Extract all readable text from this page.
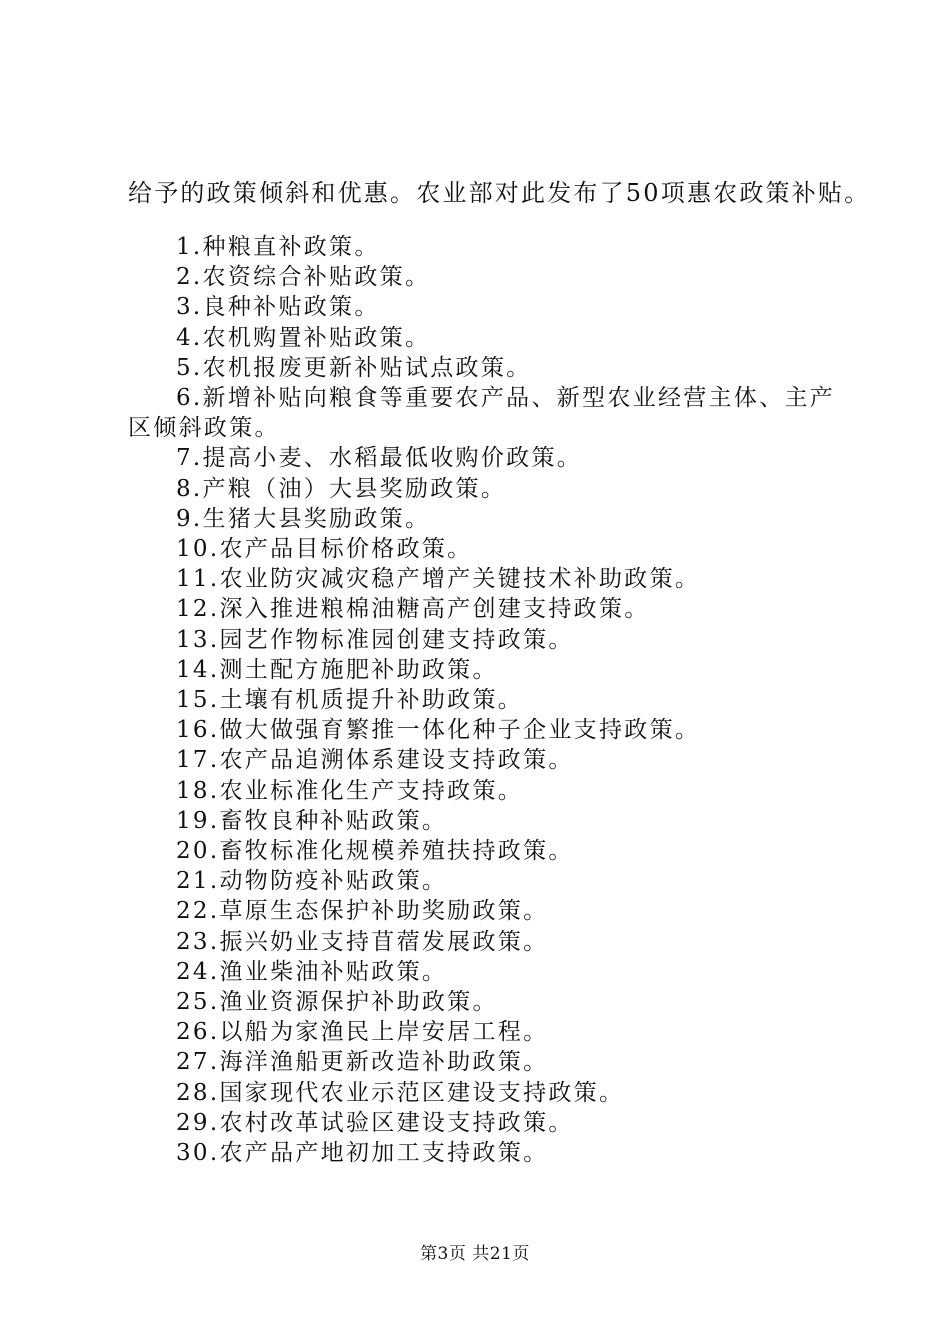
给予的政策倾斜和优惠。农业部对此发布了50项惠农政策补贴。
1.种粮直补政策。
2.农资综合补贴政策。
3.良种补贴政策。
4.农机购置补贴政策。
5.农机报废更新补贴试点政策。
6.新增补贴向粮食等重要农产品、新型农业经营主体、主产区倾斜政策。
7.提高小麦、水稻最低收购价政策。
8.产粮（油）大县奖励政策。
9.生猪大县奖励政策。
10.农产品目标价格政策。
11.农业防灾减灾稳产增产关键技术补助政策。
12.深入推进粮棉油糖高产创建支持政策。
13.园艺作物标准园创建支持政策。
14.测土配方施肥补助政策。
15.土壤有机质提升补助政策。
16.做大做强育繁推一体化种子企业支持政策。
17.农产品追溯体系建设支持政策。
18.农业标准化生产支持政策。
19.畜牧良种补贴政策。
20.畜牧标准化规模养殖扶持政策。
21.动物防疫补贴政策。
22.草原生态保护补助奖励政策。
23.振兴奶业支持苜蓿发展政策。
24.渔业柴油补贴政策。
25.渔业资源保护补助政策。
26.以船为家渔民上岸安居工程。
27.海洋渔船更新改造补助政策。
28.国家现代农业示范区建设支持政策。
29.农村改革试验区建设支持政策。
30.农产品产地初加工支持政策。
第3页 共21页
